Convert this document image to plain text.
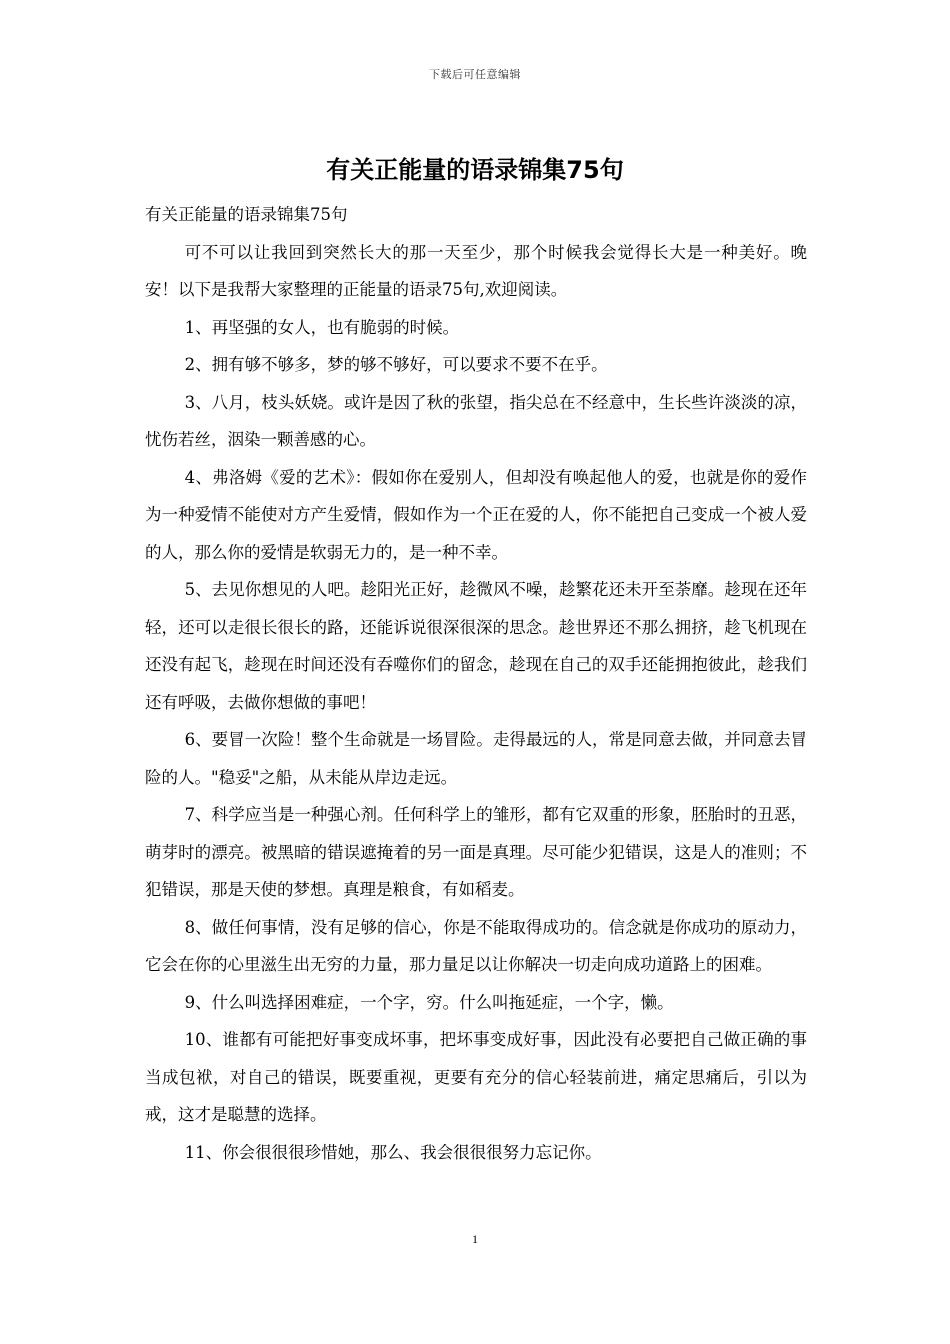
下载后可任意编辑
有关正能量的语录锦集75句

有关正能量的语录锦集75句

可不可以让我回到突然长大的那一天至少，那个时候我会觉得长大是一种美好。晚安！以下是我帮大家整理的正能量的语录75句,欢迎阅读。

1、再坚强的女人，也有脆弱的时候。

2、拥有够不够多，梦的够不够好，可以要求不要不在乎。

3、八月，枝头妖娆。或许是因了秋的张望，指尖总在不经意中，生长些许淡淡的凉，忧伤若丝，洇染一颗善感的心。

4、弗洛姆《爱的艺术》：假如你在爱别人，但却没有唤起他人的爱，也就是你的爱作为一种爱情不能使对方产生爱情，假如作为一个正在爱的人，你不能把自己变成一个被人爱的人，那么你的爱情是软弱无力的，是一种不幸。

5、去见你想见的人吧。趁阳光正好，趁微风不噪，趁繁花还未开至荼靡。趁现在还年轻，还可以走很长很长的路，还能诉说很深很深的思念。趁世界还不那么拥挤，趁飞机现在还没有起飞，趁现在时间还没有吞噬你们的留念，趁现在自己的双手还能拥抱彼此，趁我们还有呼吸，去做你想做的事吧！

6、要冒一次险！整个生命就是一场冒险。走得最远的人，常是同意去做，并同意去冒险的人。"稳妥"之船，从未能从岸边走远。

7、科学应当是一种强心剂。任何科学上的雏形，都有它双重的形象，胚胎时的丑恶，萌芽时的漂亮。被黑暗的错误遮掩着的另一面是真理。尽可能少犯错误，这是人的准则；不犯错误，那是天使的梦想。真理是粮食，有如稻麦。

8、做任何事情，没有足够的信心，你是不能取得成功的。信念就是你成功的原动力，它会在你的心里滋生出无穷的力量，那力量足以让你解决一切走向成功道路上的困难。

9、什么叫选择困难症，一个字，穷。什么叫拖延症，一个字，懒。

10、谁都有可能把好事变成坏事，把坏事变成好事，因此没有必要把自己做正确的事当成包袱，对自己的错误，既要重视，更要有充分的信心轻装前进，痛定思痛后，引以为戒，这才是聪慧的选择。

11、你会很很很珍惜她，那么、我会很很很努力忘记你。

1
